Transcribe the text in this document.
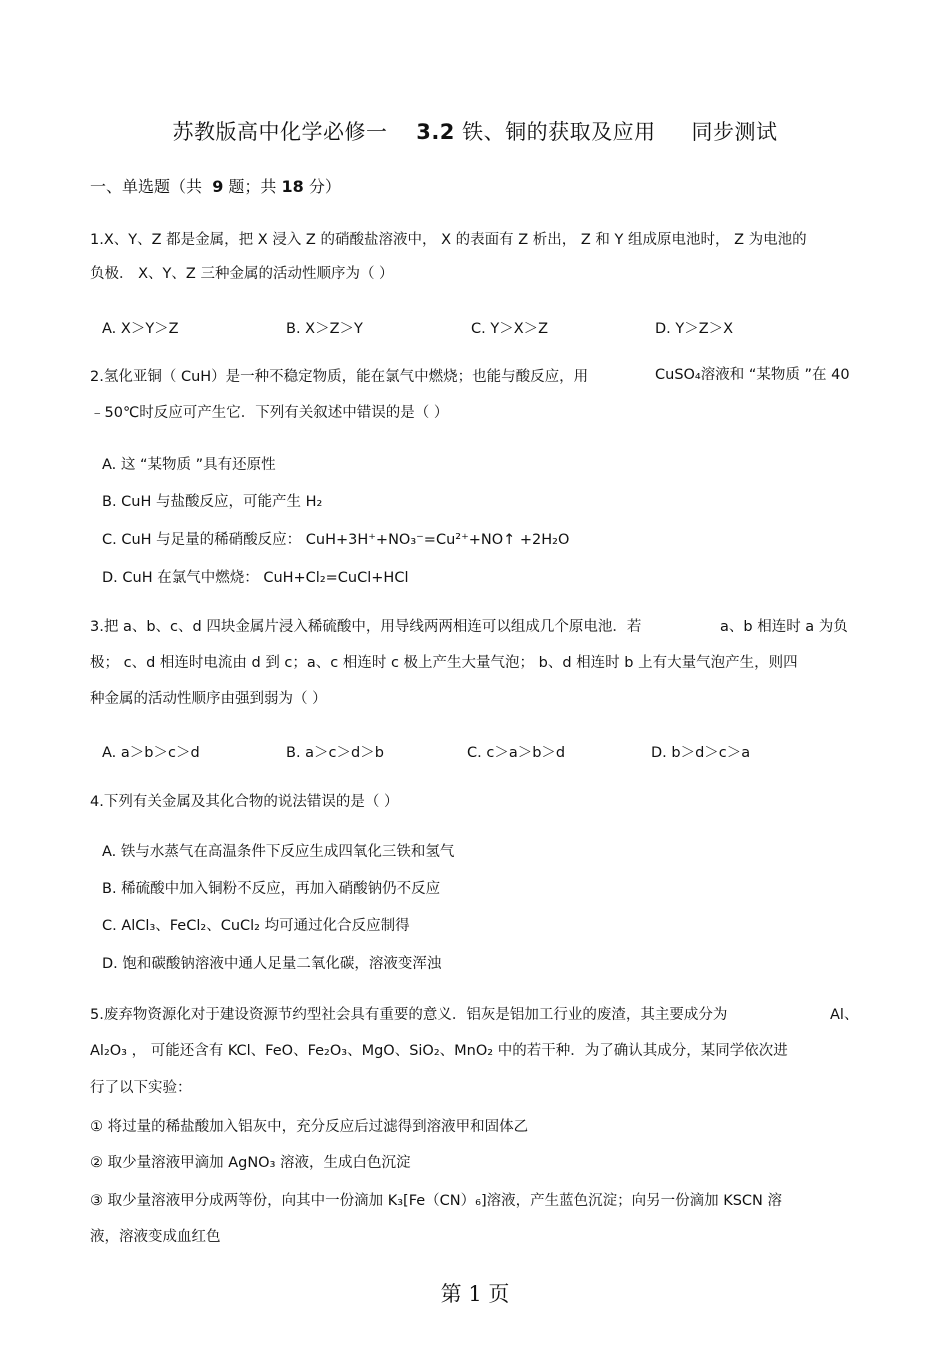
苏教版高中化学必修一 3.2 铁、铜的获取及应用 同步测试
一、单选题（共 9 题；共 18 分）
1.X、Y、Z 都是金属，把 X 浸入 Z 的硝酸盐溶液中， X 的表面有 Z 析出， Z 和 Y 组成原电池时， Z 为电池的
负极． X、Y、Z 三种金属的活动性顺序为（ ）
A. X＞Y＞Z	B. X＞Z＞Y	C. Y＞X＞Z	D. Y＞Z＞X
2.氢化亚铜（ CuH）是一种不稳定物质，能在氯气中燃烧；也能与酸反应，用	CuSO₄溶液和 “某物质 ”在 40
﹣50℃时反应可产生它．下列有关叙述中错误的是（ ）
A. 这 “某物质 ”具有还原性
B. CuH 与盐酸反应，可能产生 H₂
C. CuH 与足量的稀硝酸反应： CuH+3H⁺+NO₃⁻=Cu²⁺+NO↑ +2H₂O
D. CuH 在氯气中燃烧： CuH+Cl₂=CuCl+HCl
3.把 a、b、c、d 四块金属片浸入稀硫酸中，用导线两两相连可以组成几个原电池．若	a、b 相连时 a 为负
极； c、d 相连时电流由 d 到 c；a、c 相连时 c 极上产生大量气泡； b、d 相连时 b 上有大量气泡产生，则四
种金属的活动性顺序由强到弱为（ ）
A. a＞b＞c＞d	B. a＞c＞d＞b	C. c＞a＞b＞d	D. b＞d＞c＞a
4.下列有关金属及其化合物的说法错误的是（ ）
A. 铁与水蒸气在高温条件下反应生成四氧化三铁和氢气
B. 稀硫酸中加入铜粉不反应，再加入硝酸钠仍不反应
C. AlCl₃、FeCl₂、CuCl₂ 均可通过化合反应制得
D. 饱和碳酸钠溶液中通人足量二氧化碳，溶液变浑浊
5.废弃物资源化对于建设资源节约型社会具有重要的意义．铝灰是铝加工行业的废渣，其主要成分为	Al、
Al₂O₃ ， 可能还含有 KCl、FeO、Fe₂O₃、MgO、SiO₂、MnO₂ 中的若干种．为了确认其成分，某同学依次进
行了以下实验：
① 将过量的稀盐酸加入铝灰中，充分反应后过滤得到溶液甲和固体乙
② 取少量溶液甲滴加 AgNO₃ 溶液，生成白色沉淀
③ 取少量溶液甲分成两等份，向其中一份滴加 K₃[Fe（CN）₆]溶液，产生蓝色沉淀；向另一份滴加 KSCN 溶
液，溶液变成血红色
第 1 页
